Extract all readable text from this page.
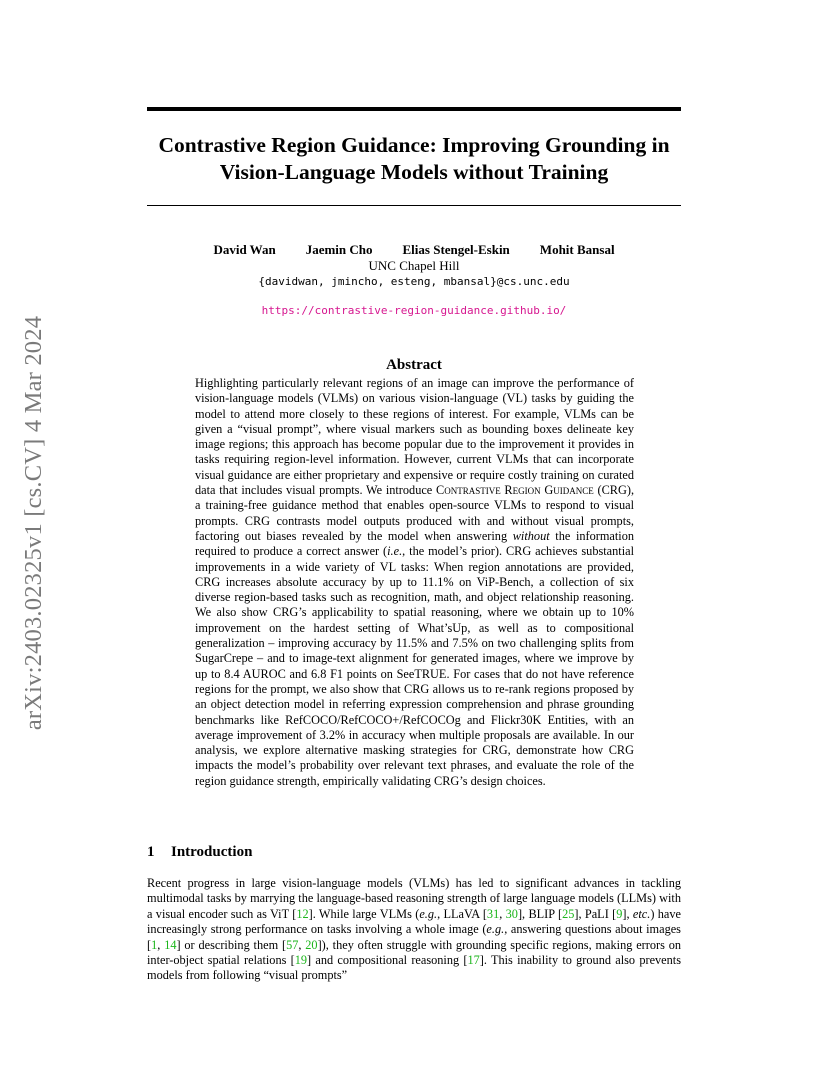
Contrastive Region Guidance: Improving Grounding in Vision-Language Models without Training
arXiv:2403.02325v1 [cs.CV] 4 Mar 2024
David Wan Jaemin Cho Elias Stengel-Eskin Mohit Bansal
UNC Chapel Hill
{davidwan, jmincho, esteng, mbansal}@cs.unc.edu
https://contrastive-region-guidance.github.io/
Abstract

Highlighting particularly relevant regions of an image can improve the performance of vision-language models (VLMs) on various vision-language (VL) tasks by guiding the model to attend more closely to these regions of interest. For example, VLMs can be given a “visual prompt”, where visual markers such as bounding boxes delineate key image regions; this approach has become popular due to the improvement it provides in tasks requiring region-level information. However, current VLMs that can incorporate visual guidance are either proprietary and expensive or require costly training on curated data that includes visual prompts. We introduce Contrastive Region Guidance (CRG), a training-free guidance method that enables open-source VLMs to respond to visual prompts. CRG contrasts model outputs produced with and without visual prompts, factoring out biases revealed by the model when answering without the information required to produce a correct answer (i.e., the model’s prior). CRG achieves substantial improvements in a wide variety of VL tasks: When region annotations are provided, CRG increases absolute accuracy by up to 11.1% on ViP-Bench, a collection of six diverse region-based tasks such as recognition, math, and object relationship reasoning. We also show CRG’s applicability to spatial reasoning, where we obtain up to 10% improvement on the hardest setting of What’sUp, as well as to compositional generalization – improving accuracy by 11.5% and 7.5% on two challenging splits from SugarCrepe – and to image-text alignment for generated images, where we improve by up to 8.4 AUROC and 6.8 F1 points on SeeTRUE. For cases that do not have reference regions for the prompt, we also show that CRG allows us to re-rank regions proposed by an object detection model in referring expression comprehension and phrase grounding benchmarks like RefCOCO/RefCOCO+/RefCOCOg and Flickr30K Entities, with an average improvement of 3.2% in accuracy when multiple proposals are available. In our analysis, we explore alternative masking strategies for CRG, demonstrate how CRG impacts the model’s probability over relevant text phrases, and evaluate the role of the region guidance strength, empirically validating CRG’s design choices.

1 Introduction

Recent progress in large vision-language models (VLMs) has led to significant advances in tackling multimodal tasks by marrying the language-based reasoning strength of large language models (LLMs) with a visual encoder such as ViT [12]. While large VLMs (e.g., LLaVA [31, 30], BLIP [25], PaLI [9], etc.) have increasingly strong performance on tasks involving a whole image (e.g., answering questions about images [1, 14] or describing them [57, 20]), they often struggle with grounding specific regions, making errors on inter-object spatial relations [19] and compositional reasoning [17]. This inability to ground also prevents models from following “visual prompts”
